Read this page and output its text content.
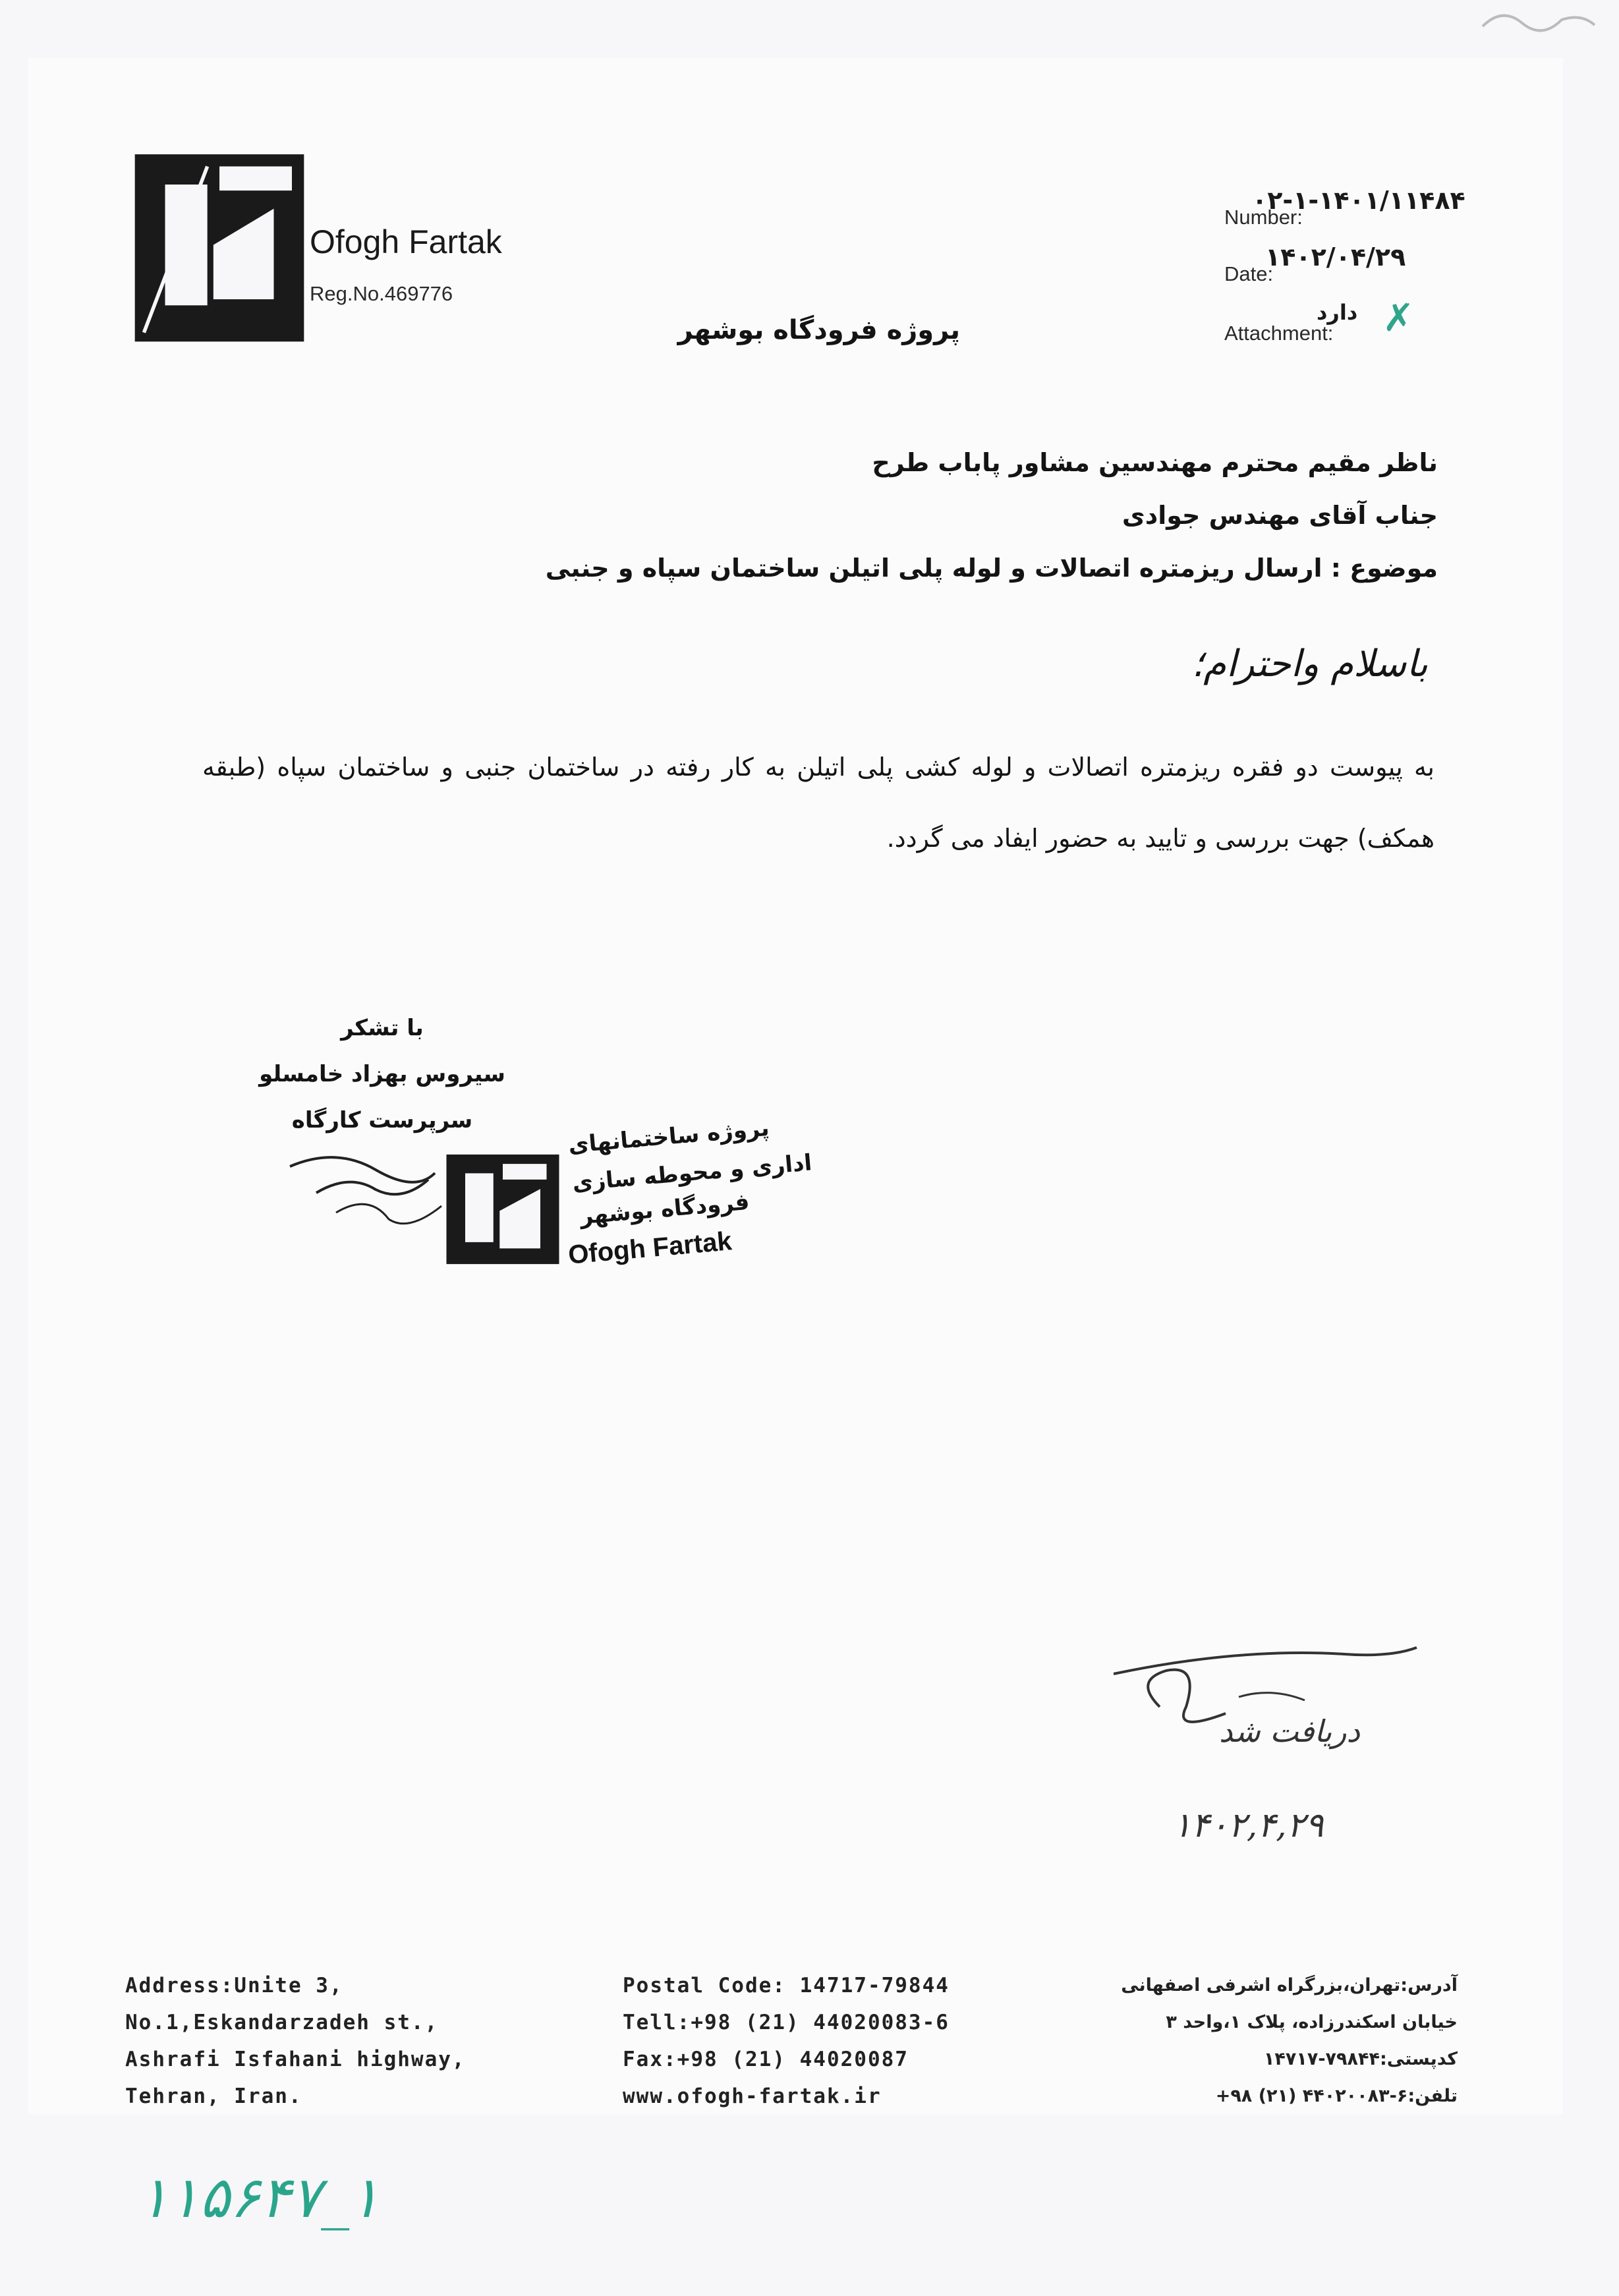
Ofogh Fartak
Reg.No.469776
Number:
۰۲-۱-۱۴۰۱/۱۱۴۸۴
Date:
۱۴۰۲/۰۴/۲۹
Attachment:
دارد ✗
پروژه فرودگاه بوشهر
ناظر مقیم محترم مهندسین مشاور پاباب طرح
جناب آقای مهندس جوادی
موضوع : ارسال ریزمتره اتصالات و لوله پلی اتیلن ساختمان سپاه و جنبی
باسلام واحترام؛
به پیوست دو فقره ریزمتره اتصالات و لوله کشی پلی اتیلن به کار رفته در ساختمان جنبی و ساختمان سپاه (طبقه همکف) جهت بررسی و تایید به حضور ایفاد می گردد.
با تشکر
سیروس بهزاد خامسلو
سرپرست کارگاه	پروژه ساختمانهای
اداری و محوطه سازی
فرودگاه بوشهر
Ofogh Fartak
دریافت شد
۱۴۰۲,۴,۲۹
Address:Unite 3,
No.1,Eskandarzadeh st.,
Ashrafi Isfahani highway,
Tehran, Iran.
Postal Code: 14717-79844
Tell:+98 (21) 44020083-6
Fax:+98 (21) 44020087
www.ofogh-fartak.ir
آدرس:تهران،بزرگراه اشرفی اصفهانی
خیابان اسکندرزاده، پلاک ۱،واحد ۳
کدپستی:۷۹۸۴۴-۱۴۷۱۷
تلفن:۶-۴۴۰۲۰۰۸۳ (۲۱) ۹۸+
۱۱۵۶۴۷_۱
